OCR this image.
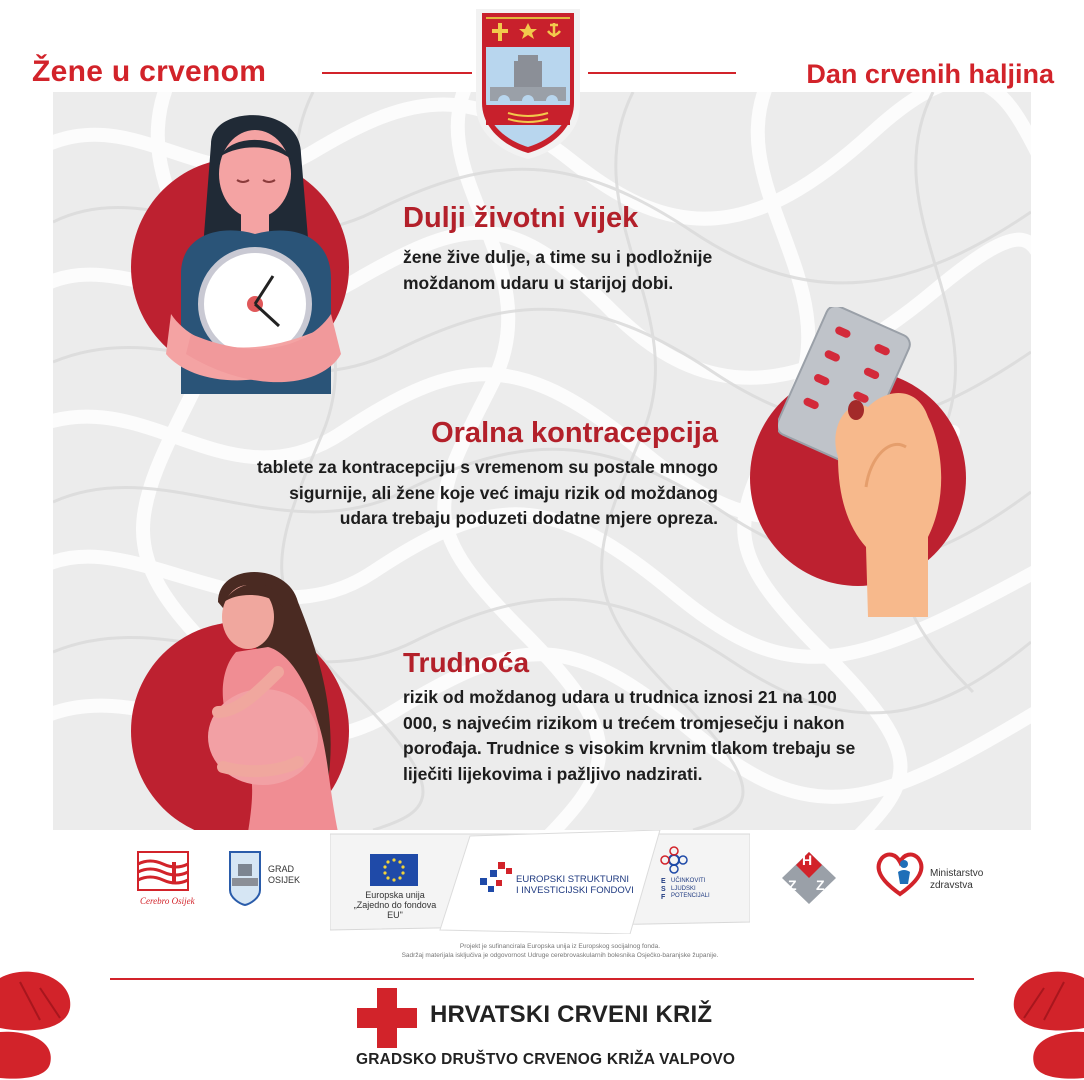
Žene u crvenom	Dan crvenih haljina
Dulji životni vijek
žene žive dulje, a time su i podložnije
moždanom udaru u starijoj dobi.
Oralna kontracepcija
tablete za kontracepciju s vremenom su postale mnogo
sigurnije, ali žene koje već imaju rizik od moždanog
udara trebaju poduzeti dodatne mjere opreza.
Trudnoća
rizik od moždanog udara u trudnica iznosi 21 na 100
000, s najvećim rizikom u trećem tromjesečju i nakon
porođaja. Trudnice s visokim krvnim tlakom trebaju se
liječiti lijekovima i pažljivo nadzirati.
Cerebro Osijek
GRAD
OSIJEK
Europska unija
„Zajedno do fondova EU"
EUROPSKI STRUKTURNI
I INVESTICIJSKI FONDOVI
E
S
F
UČINKOVITI
LJUDSKI
POTENCIJALI
H
Z Z
Ministarstvo
zdravstva
Projekt je sufinancirala Europska unija iz Europskog socijalnog fonda.
Sadržaj materijala isključiva je odgovornost Udruge cerebrovaskularnih bolesnika Osječko-baranjske županije.
HRVATSKI CRVENI KRIŽ
GRADSKO DRUŠTVO CRVENOG KRIŽA VALPOVO
